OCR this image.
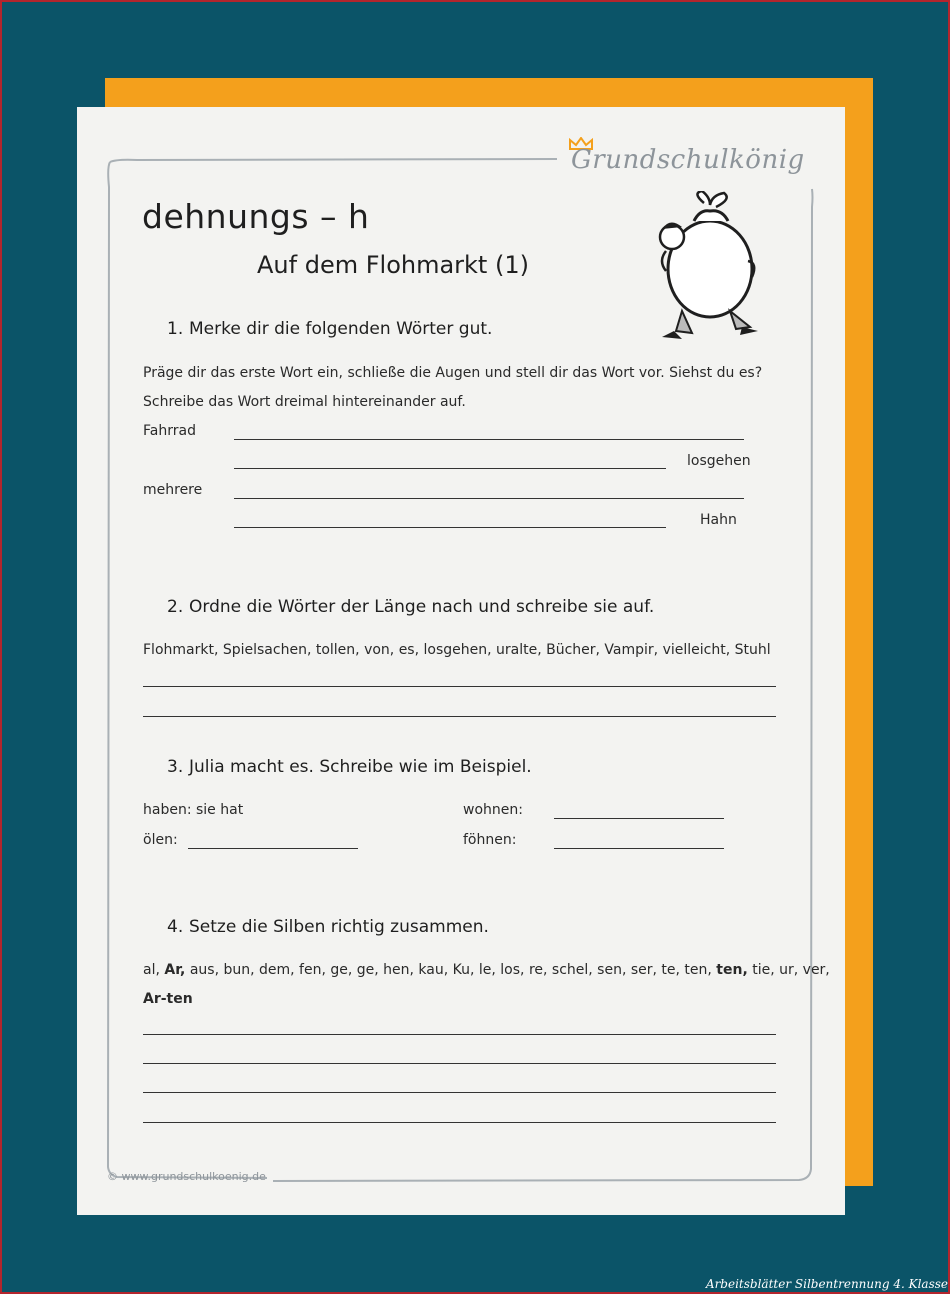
Grundschulkönig
dehnungs – h
Auf dem Flohmarkt (1)
1. Merke dir die folgenden Wörter gut.
Präge dir das erste Wort ein, schließe die Augen und stell dir das Wort vor. Siehst du es?
Schreibe das Wort dreimal hintereinander auf.
Fahrrad
losgehen
mehrere
Hahn
2. Ordne die Wörter der Länge nach und schreibe sie auf.
Flohmarkt, Spielsachen, tollen, von, es, losgehen, uralte, Bücher, Vampir, vielleicht, Stuhl
3. Julia macht es. Schreibe wie im Beispiel.
haben: sie hat	wohnen:
ölen:	föhnen:
4. Setze die Silben richtig zusammen.
al, Ar, aus, bun, dem, fen, ge, ge, hen, kau, Ku, le, los, re, schel, sen, ser, te, ten, ten, tie, ur, ver,
Ar-ten
© www.grundschulkoenig.de
Arbeitsblätter Silbentrennung 4. Klasse
